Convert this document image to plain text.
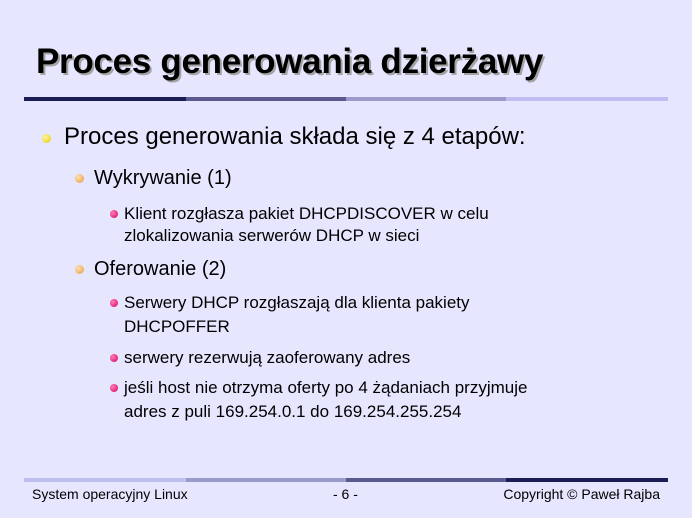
Proces generowania dzierżawy
Proces generowania składa się z 4 etapów:
Wykrywanie (1)
Klient rozgłasza pakiet DHCPDISCOVER w celu
zlokalizowania serwerów DHCP w sieci
Oferowanie (2)
Serwery DHCP rozgłaszają dla klienta pakiety
DHCPOFFER
serwery rezerwują zaoferowany adres
jeśli host nie otrzyma oferty po 4 żądaniach przyjmuje
adres z puli 169.254.0.1 do 169.254.255.254
System operacyjny Linux	- 6 -	Copyright © Paweł Rajba
